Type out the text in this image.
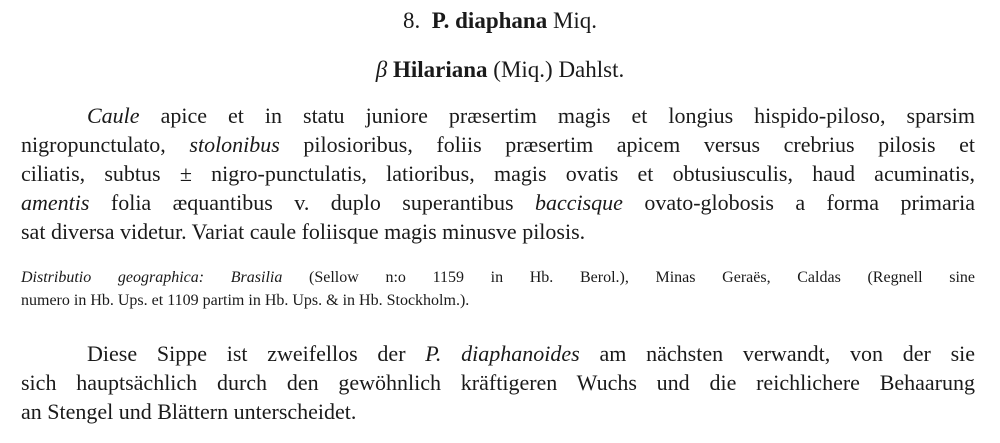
8. P. diaphana Miq.
β Hilariana (Miq.) Dahlst.
Caule apice et in statu juniore præsertim magis et longius hispido-piloso, sparsim
nigropunctulato, stolonibus pilosioribus, foliis præsertim apicem versus crebrius pilosis et
ciliatis, subtus ± nigro-punctulatis, latioribus, magis ovatis et obtusiusculis, haud acuminatis,
amentis folia æquantibus v. duplo superantibus baccisque ovato-globosis a forma primaria
sat diversa videtur. Variat caule foliisque magis minusve pilosis.
Distributio geographica: Brasilia (Sellow n:o 1159 in Hb. Berol.), Minas Geraës, Caldas (Regnell sine
numero in Hb. Ups. et 1109 partim in Hb. Ups. & in Hb. Stockholm.).
Diese Sippe ist zweifellos der P. diaphanoides am nächsten verwandt, von der sie
sich hauptsächlich durch den gewöhnlich kräftigeren Wuchs und die reichlichere Behaarung
an Stengel und Blättern unterscheidet.
